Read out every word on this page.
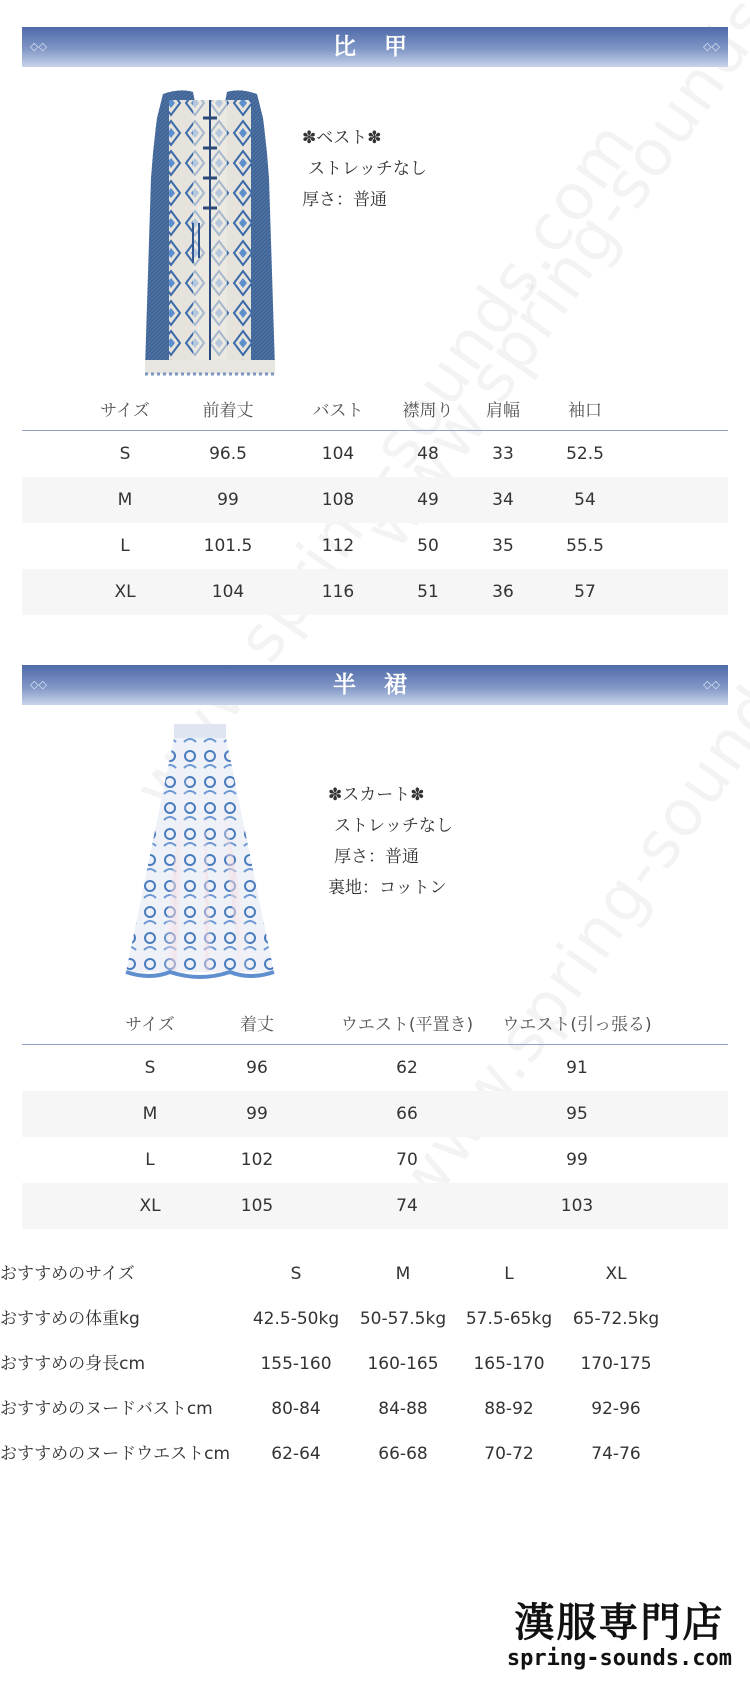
◇◇	比 甲	◇◇
✽ベスト✽
ストレッチなし
厚さ：普通
サイズ	前着丈	バスト	襟周り	肩幅	袖口
S	96.5	104	48	33	52.5
M	99	108	49	34	54
L	101.5	112	50	35	55.5
XL	104	116	51	36	57
◇◇	半 裙	◇◇
✽スカート✽
ストレッチなし
厚さ：普通
裏地：コットン
サイズ	着丈	ウエスト(平置き)	ウエスト(引っ張る)
S	96	62	91
M	99	66	95
L	102	70	99
XL	105	74	103
おすすめのサイズ	S	M	L	XL
おすすめの体重kg	42.5-50kg	50-57.5kg	57.5-65kg	65-72.5kg
おすすめの身長cm	155-160	160-165	165-170	170-175
おすすめのヌードバストcm	80-84	84-88	88-92	92-96
おすすめのヌードウエストcm	62-64	66-68	70-72	74-76
漢服専門店
spring-sounds.com
